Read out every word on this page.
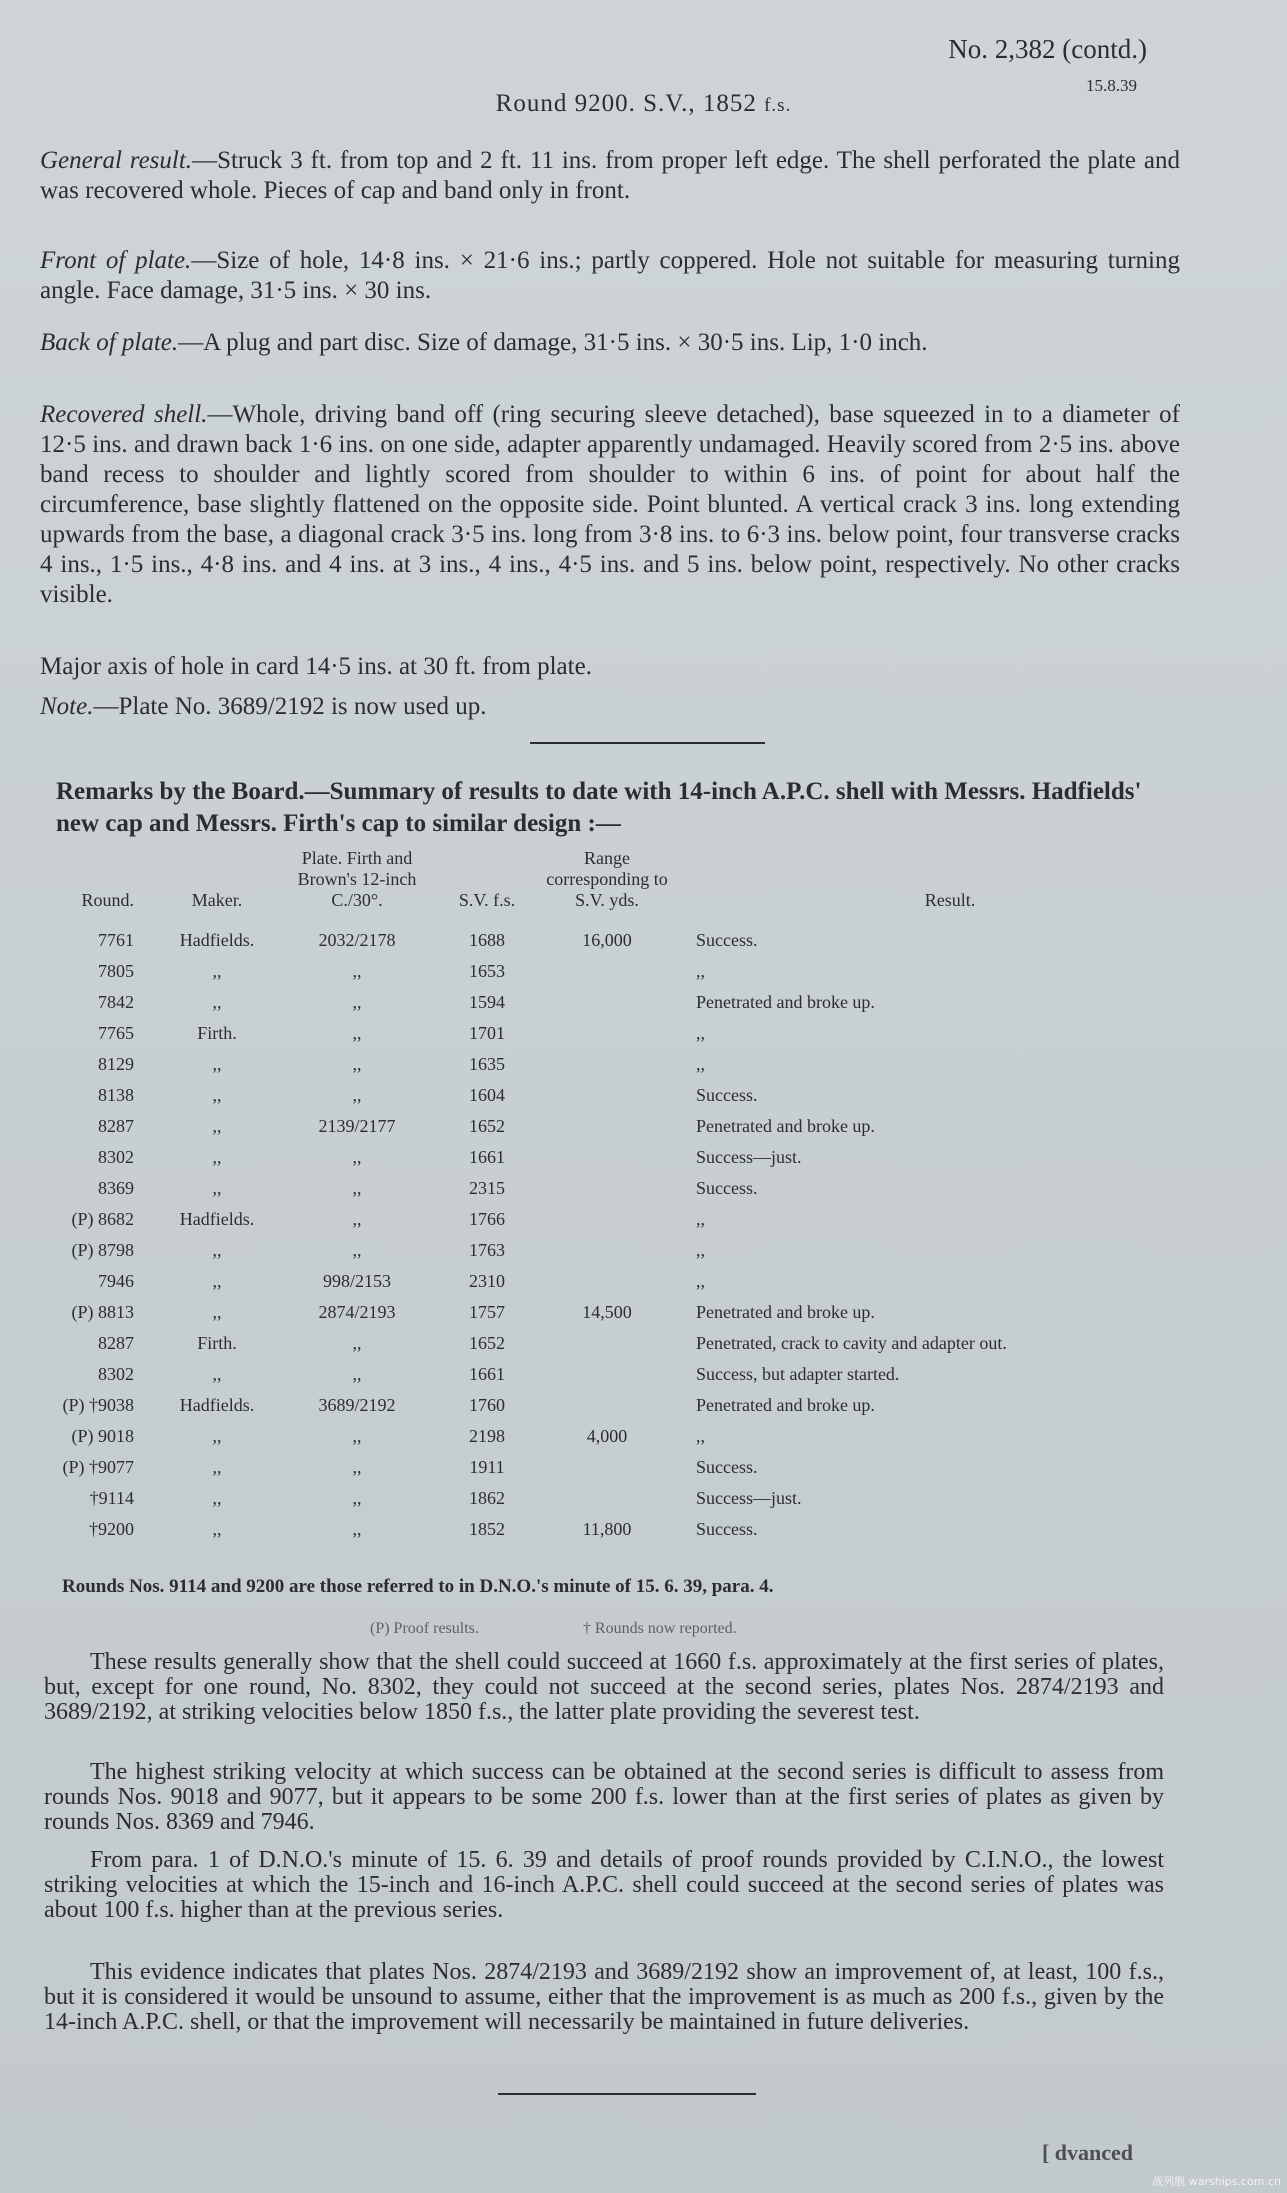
No. 2,382 (contd.)
15.8.39
Round 9200. S.V., 1852 f.s.
General result.—Struck 3 ft. from top and 2 ft. 11 ins. from proper left edge. The shell perforated the plate and was recovered whole. Pieces of cap and band only in front.
Front of plate.—Size of hole, 14·8 ins. × 21·6 ins.; partly coppered. Hole not suitable for measuring turning angle. Face damage, 31·5 ins. × 30 ins.
Back of plate.—A plug and part disc. Size of damage, 31·5 ins. × 30·5 ins. Lip, 1·0 inch.
Recovered shell.—Whole, driving band off (ring securing sleeve detached), base squeezed in to a diameter of 12·5 ins. and drawn back 1·6 ins. on one side, adapter apparently undamaged. Heavily scored from 2·5 ins. above band recess to shoulder and lightly scored from shoulder to within 6 ins. of point for about half the circumference, base slightly flattened on the opposite side. Point blunted. A vertical crack 3 ins. long extending upwards from the base, a diagonal crack 3·5 ins. long from 3·8 ins. to 6·3 ins. below point, four transverse cracks 4 ins., 1·5 ins., 4·8 ins. and 4 ins. at 3 ins., 4 ins., 4·5 ins. and 5 ins. below point, respectively. No other cracks visible.
Major axis of hole in card 14·5 ins. at 30 ft. from plate.
Note.—Plate No. 3689/2192 is now used up.
Remarks by the Board.—Summary of results to date with 14-inch A.P.C. shell with Messrs. Hadfields' new cap and Messrs. Firth's cap to similar design :—
Round.	Maker.	Plate. Firth and Brown's 12-inch C./30°.	S.V. f.s.	Range corresponding to S.V. yds.	Result.
7761	Hadfields.	2032/2178	1688	16,000	Success.
7805	,,	,,	1653		,,
7842	,,	,,	1594		Penetrated and broke up.
7765	Firth.	,,	1701		,,
8129	,,	,,	1635		,,
8138	,,	,,	1604		Success.
8287	,,	2139/2177	1652		Penetrated and broke up.
8302	,,	,,	1661		Success—just.
8369	,,	,,	2315		Success.
(P) 8682	Hadfields.	,,	1766		,,
(P) 8798	,,	,,	1763		,,
7946	,,	998/2153	2310		,,
(P) 8813	,,	2874/2193	1757	14,500	Penetrated and broke up.
8287	Firth.	,,	1652		Penetrated, crack to cavity and adapter out.
8302	,,	,,	1661		Success, but adapter started.
(P) †9038	Hadfields.	3689/2192	1760		Penetrated and broke up.
(P) 9018	,,	,,	2198	4,000	,,
(P) †9077	,,	,,	1911		Success.
†9114	,,	,,	1862		Success—just.
†9200	,,	,,	1852	11,800	Success.
Rounds Nos. 9114 and 9200 are those referred to in D.N.O.'s minute of 15. 6. 39, para. 4.
(P) Proof results.	† Rounds now reported.
These results generally show that the shell could succeed at 1660 f.s. approximately at the first series of plates, but, except for one round, No. 8302, they could not succeed at the second series, plates Nos. 2874/2193 and 3689/2192, at striking velocities below 1850 f.s., the latter plate providing the severest test.
The highest striking velocity at which success can be obtained at the second series is difficult to assess from rounds Nos. 9018 and 9077, but it appears to be some 200 f.s. lower than at the first series of plates as given by rounds Nos. 8369 and 7946.
From para. 1 of D.N.O.'s minute of 15. 6. 39 and details of proof rounds provided by C.I.N.O., the lowest striking velocities at which the 15-inch and 16-inch A.P.C. shell could succeed at the second series of plates was about 100 f.s. higher than at the previous series.
This evidence indicates that plates Nos. 2874/2193 and 3689/2192 show an improvement of, at least, 100 f.s., but it is considered it would be unsound to assume, either that the improvement is as much as 200 f.s., given by the 14-inch A.P.C. shell, or that the improvement will necessarily be maintained in future deliveries.
[ dvanced
战列舰 warships.com.cn
